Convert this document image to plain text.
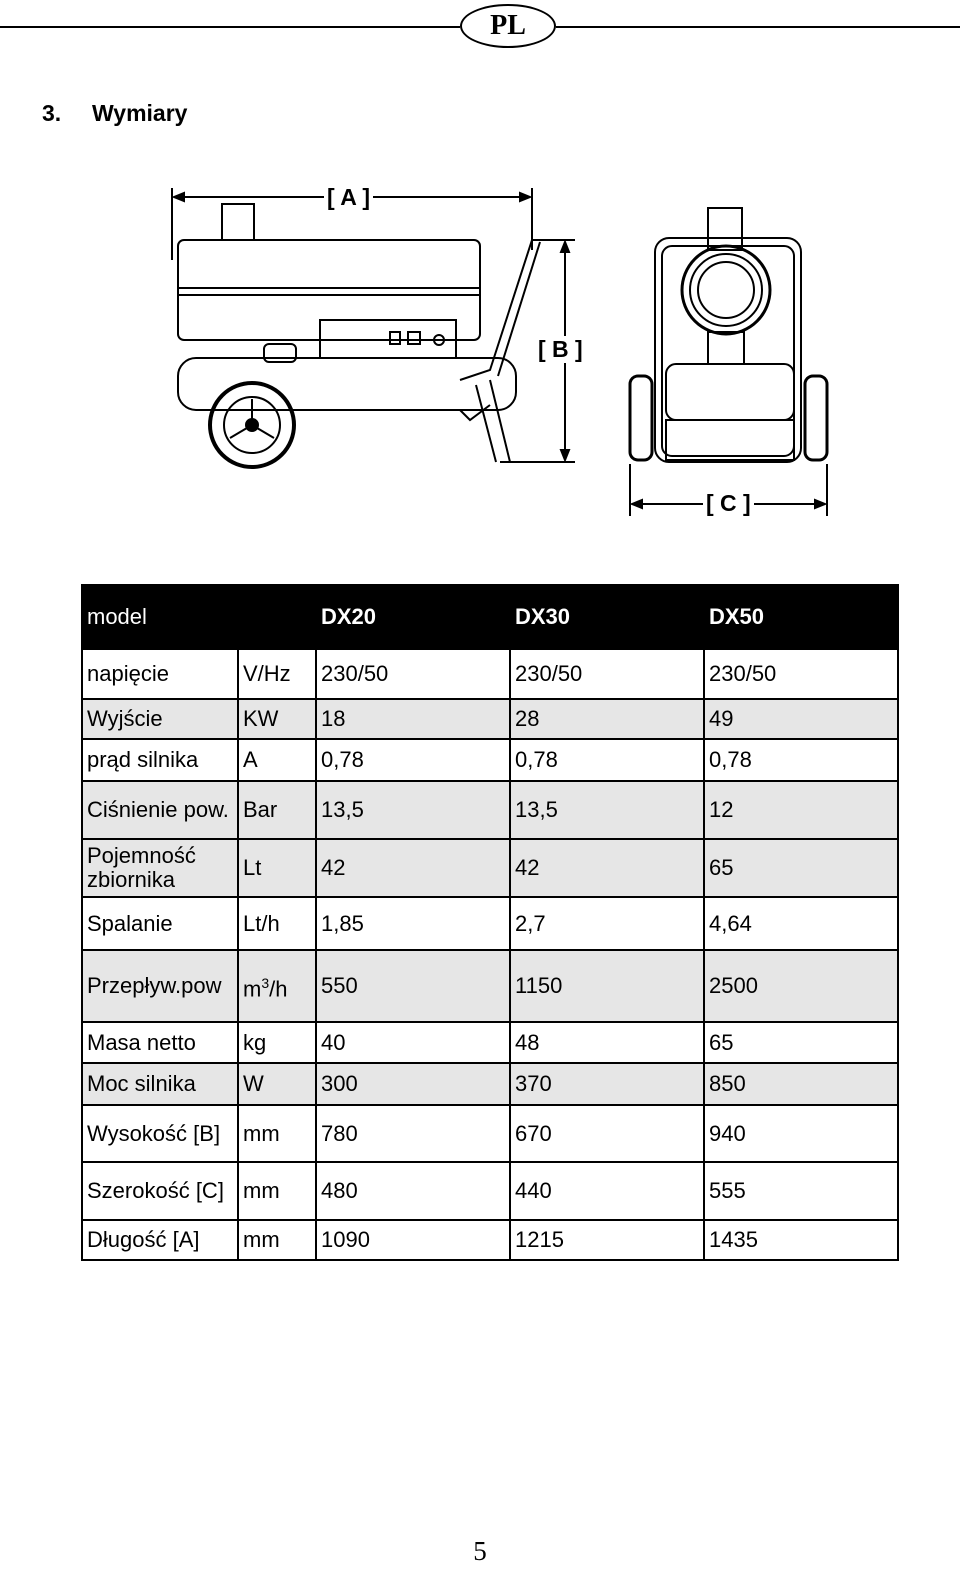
PL
3. Wymiary
[ A ]
[ B ]
[ C ]
model		DX20	DX30	DX50
napięcie	V/Hz	230/50	230/50	230/50
Wyjście	KW	18	28	49
prąd silnika	A	0,78	0,78	0,78
Ciśnienie pow.	Bar	13,5	13,5	12
Pojemność zbiornika	Lt	42	42	65
Spalanie	Lt/h	1,85	2,7	4,64
Przepływ.pow	$m^3/h$	550	1150	2500
Masa netto	kg	40	48	65
Moc silnika	W	300	370	850
Wysokość [B]	mm	780	670	940
Szerokość [C]	mm	480	440	555
Długość [A]	mm	1090	1215	1435
5
